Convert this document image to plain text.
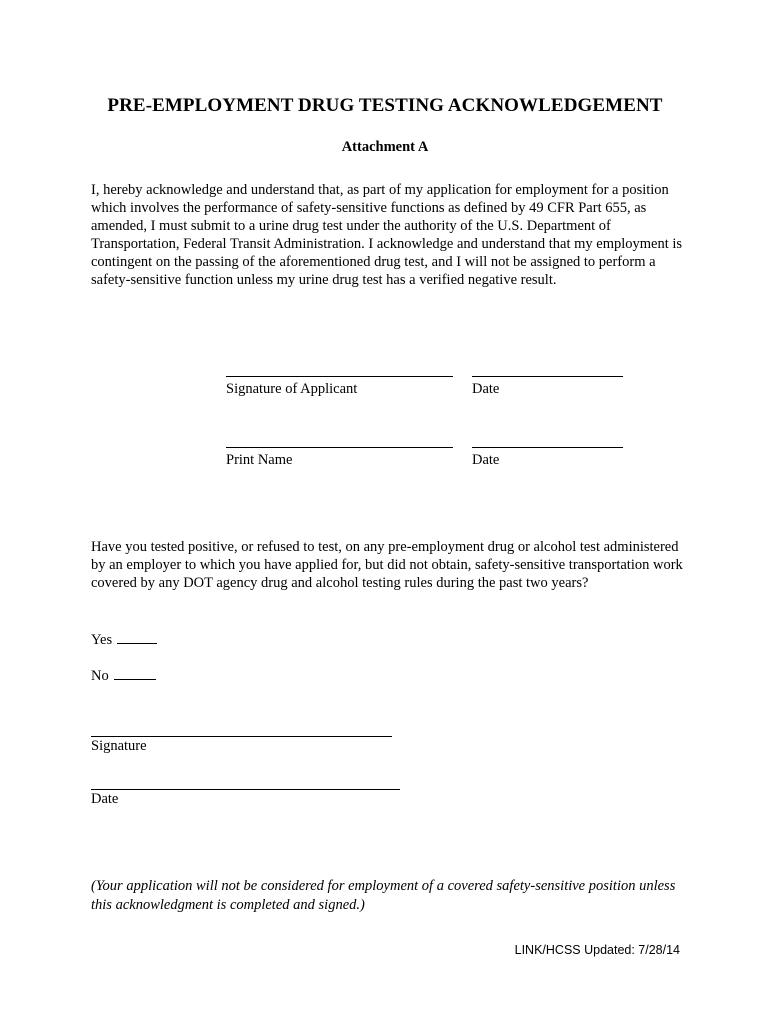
PRE-EMPLOYMENT DRUG TESTING ACKNOWLEDGEMENT
Attachment A
I, hereby acknowledge and understand that, as part of my application for employment for a position which involves the performance of safety-sensitive functions as defined by 49 CFR Part 655, as amended, I must submit to a urine drug test under the authority of the U.S. Department of Transportation, Federal Transit Administration. I acknowledge and understand that my employment is contingent on the passing of the aforementioned drug test, and I will not be assigned to perform a safety-sensitive function unless my urine drug test has a verified negative result.
Signature of Applicant	Date
Print Name	Date
Have you tested positive, or refused to test, on any pre-employment drug or alcohol test administered by an employer to which you have applied for, but did not obtain, safety-sensitive transportation work covered by any DOT agency drug and alcohol testing rules during the past two years?
Yes
No
Signature
Date
(Your application will not be considered for employment of a covered safety-sensitive position unless this acknowledgment is completed and signed.)
LINK/HCSS Updated: 7/28/14
